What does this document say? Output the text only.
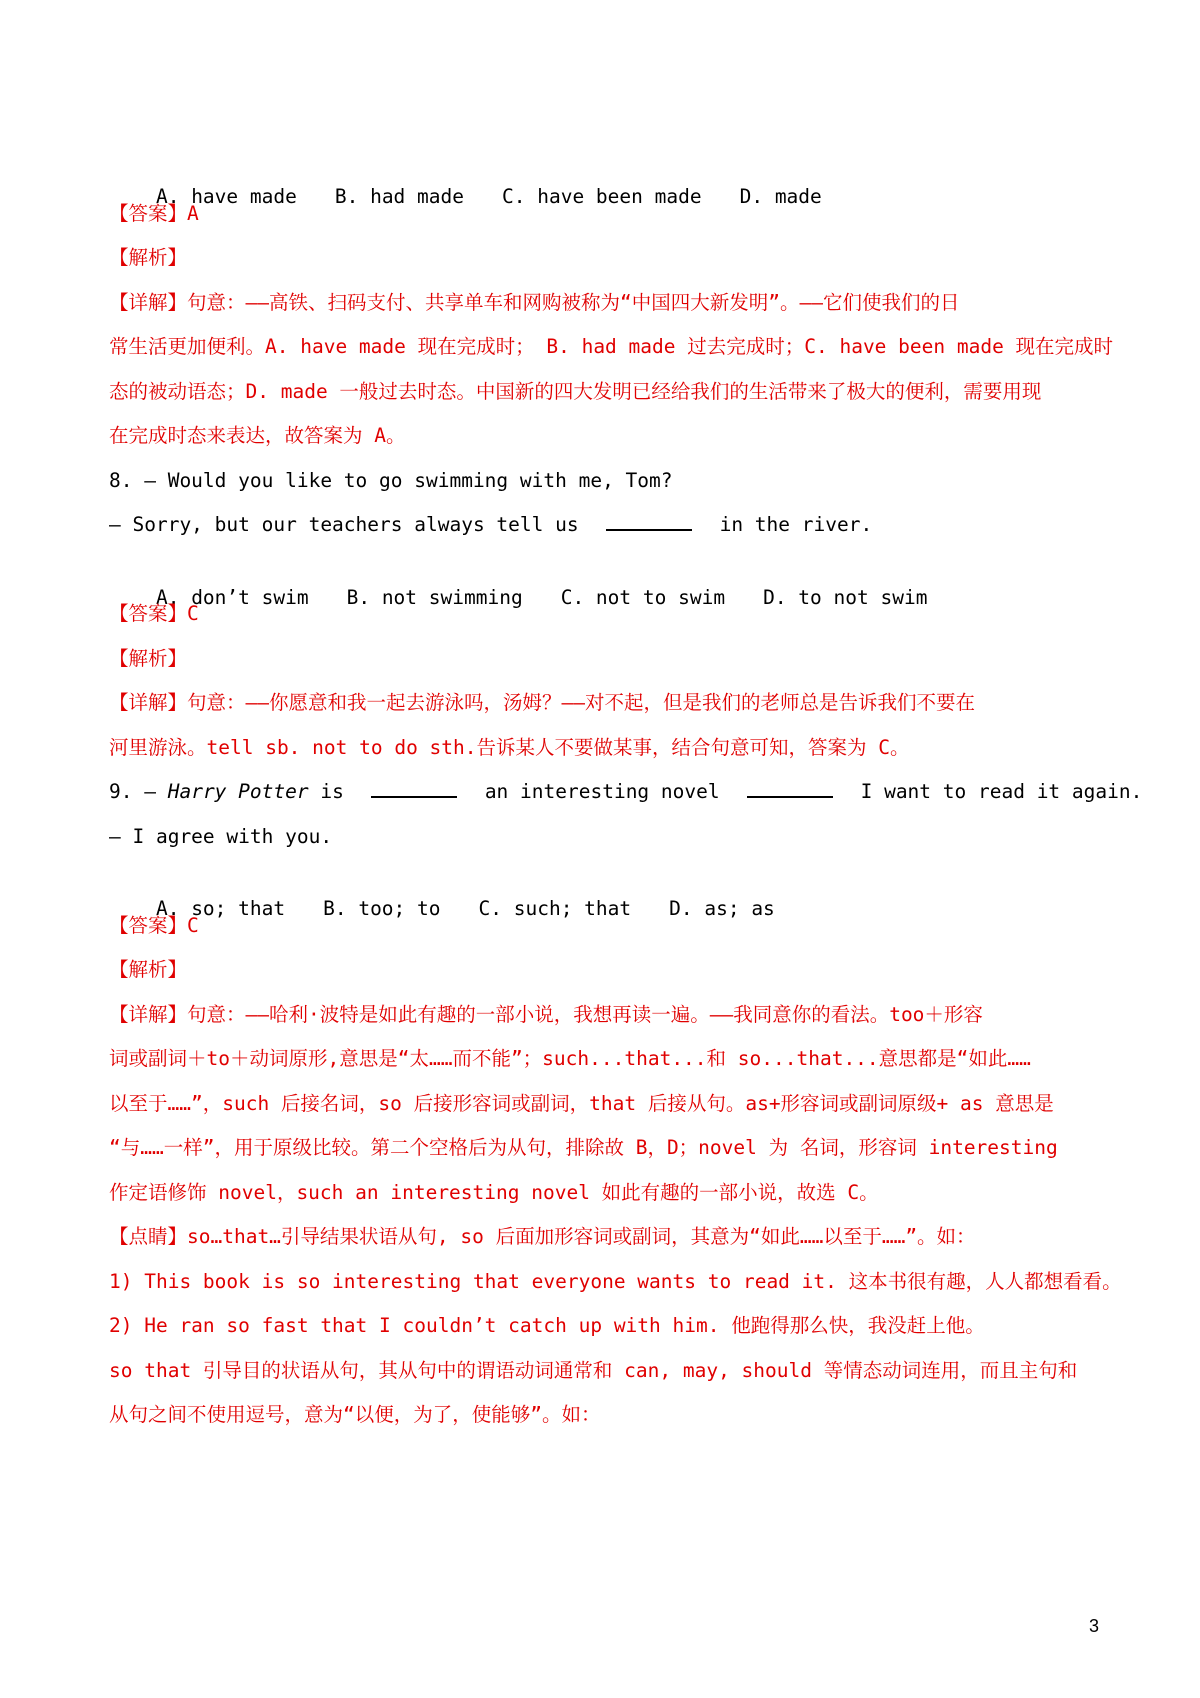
A. have made B. had made C. have been made D. made

【答案】A
【解析】
【详解】句意：——高铁、扫码支付、共享单车和网购被称为“中国四大新发明”。——它们使我们的日
常生活更加便利。A. have made 现在完成时； B. had made 过去完成时；C. have been made 现在完成时
态的被动语态；D. made 一般过去时态。中国新的四大发明已经给我们的生活带来了极大的便利，需要用现
在完成时态来表达，故答案为 A。
8. — Would you like to go swimming with me, Tom?
— Sorry, but our teachers always tell us	in the river.

A. don’t swim B. not swimming C. not to swim D. to not swim

【答案】C
【解析】
【详解】句意：——你愿意和我一起去游泳吗，汤姆？——对不起，但是我们的老师总是告诉我们不要在
河里游泳。tell sb. not to do sth.告诉某人不要做某事，结合句意可知，答案为 C。
9. — Harry Potter is	an interesting novel	I want to read it again.
— I agree with you.

A. so; that B. too; to C. such; that D. as; as

【答案】C
【解析】
【详解】句意：——哈利·波特是如此有趣的一部小说，我想再读一遍。——我同意你的看法。too＋形容
词或副词＋to＋动词原形,意思是“太……而不能”；such...that...和 so...that...意思都是“如此……
以至于……”，such 后接名词，so 后接形容词或副词，that 后接从句。as+形容词或副词原级+ as 意思是
“与……一样”，用于原级比较。第二个空格后为从句，排除故 B，D；novel 为 名词，形容词 interesting
作定语修饰 novel，such an interesting novel 如此有趣的一部小说，故选 C。
【点睛】so…that…引导结果状语从句, so 后面加形容词或副词，其意为“如此……以至于……”。如：
1) This book is so interesting that everyone wants to read it. 这本书很有趣，人人都想看看。
2) He ran so fast that I couldn’t catch up with him. 他跑得那么快，我没赶上他。
so that 引导目的状语从句，其从句中的谓语动词通常和 can, may, should 等情态动词连用，而且主句和
从句之间不使用逗号，意为“以便，为了，使能够”。如：
3
